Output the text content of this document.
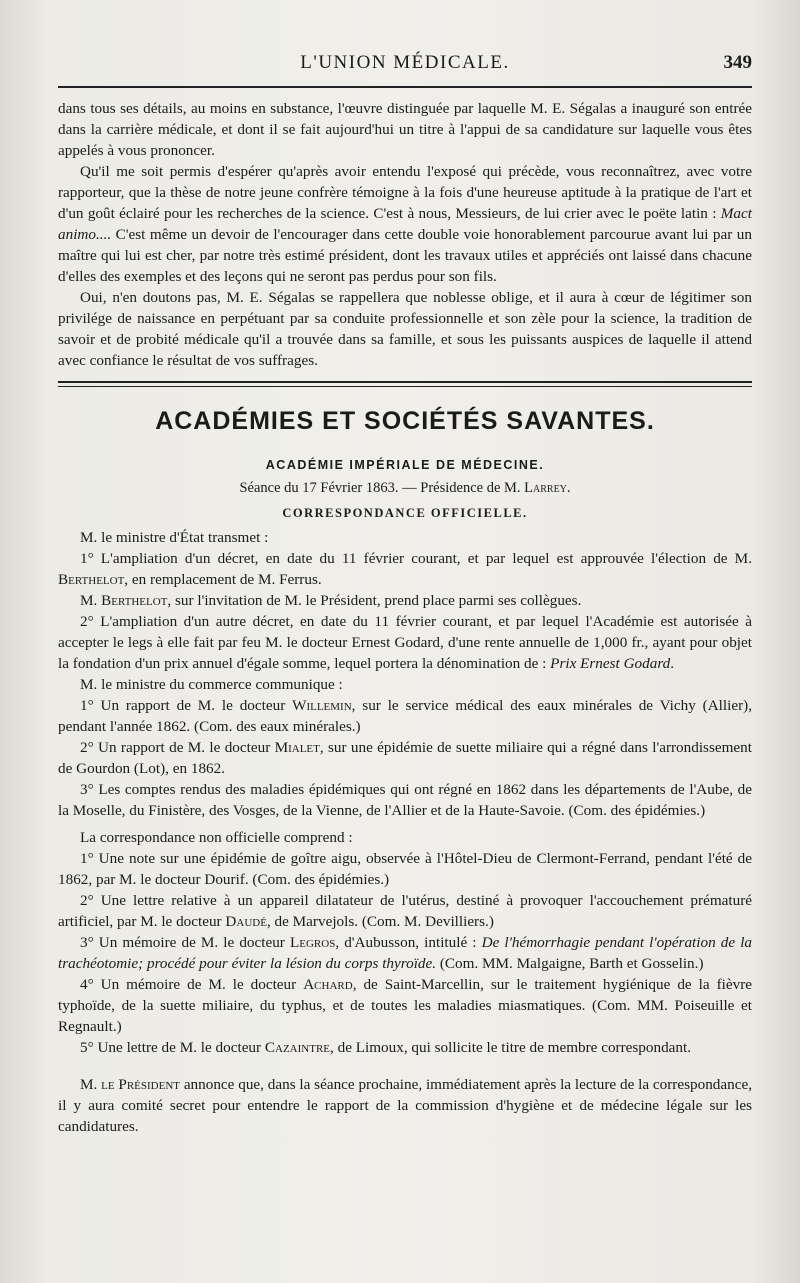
L'UNION MÉDICALE.	349

dans tous ses détails, au moins en substance, l'œuvre distinguée par laquelle M. E. Ségalas a inauguré son entrée dans la carrière médicale, et dont il se fait aujourd'hui un titre à l'appui de sa candidature sur laquelle vous êtes appelés à vous prononcer.

Qu'il me soit permis d'espérer qu'après avoir entendu l'exposé qui précède, vous reconnaîtrez, avec votre rapporteur, que la thèse de notre jeune confrère témoigne à la fois d'une heureuse aptitude à la pratique de l'art et d'un goût éclairé pour les recherches de la science. C'est à nous, Messieurs, de lui crier avec le poëte latin : Mact animo.... C'est même un devoir de l'encourager dans cette double voie honorablement parcourue avant lui par un maître qui lui est cher, par notre très estimé président, dont les travaux utiles et appréciés ont laissé dans chacune d'elles des exemples et des leçons qui ne seront pas perdus pour son fils.

Oui, n'en doutons pas, M. E. Ségalas se rappellera que noblesse oblige, et il aura à cœur de légitimer son privilége de naissance en perpétuant par sa conduite professionnelle et son zèle pour la science, la tradition de savoir et de probité médicale qu'il a trouvée dans sa famille, et sous les puissants auspices de laquelle il attend avec confiance le résultat de vos suffrages.

ACADÉMIES ET SOCIÉTÉS SAVANTES.
ACADÉMIE IMPÉRIALE DE MÉDECINE.
Séance du 17 Février 1863. — Présidence de M. Larrey.
CORRESPONDANCE OFFICIELLE.

M. le ministre d'État transmet :

1° L'ampliation d'un décret, en date du 11 février courant, et par lequel est approuvée l'élection de M. Berthelot, en remplacement de M. Ferrus.

M. Berthelot, sur l'invitation de M. le Président, prend place parmi ses collègues.

2° L'ampliation d'un autre décret, en date du 11 février courant, et par lequel l'Académie est autorisée à accepter le legs à elle fait par feu M. le docteur Ernest Godard, d'une rente annuelle de 1,000 fr., ayant pour objet la fondation d'un prix annuel d'égale somme, lequel portera la dénomination de : Prix Ernest Godard.

M. le ministre du commerce communique :

1° Un rapport de M. le docteur Willemin, sur le service médical des eaux minérales de Vichy (Allier), pendant l'année 1862. (Com. des eaux minérales.)

2° Un rapport de M. le docteur Mialet, sur une épidémie de suette miliaire qui a régné dans l'arrondissement de Gourdon (Lot), en 1862.

3° Les comptes rendus des maladies épidémiques qui ont régné en 1862 dans les départements de l'Aube, de la Moselle, du Finistère, des Vosges, de la Vienne, de l'Allier et de la Haute-Savoie. (Com. des épidémies.)

La correspondance non officielle comprend :

1° Une note sur une épidémie de goître aigu, observée à l'Hôtel-Dieu de Clermont-Ferrand, pendant l'été de 1862, par M. le docteur Dourif. (Com. des épidémies.)

2° Une lettre relative à un appareil dilatateur de l'utérus, destiné à provoquer l'accouchement prématuré artificiel, par M. le docteur Daudé, de Marvejols. (Com. M. Devilliers.)

3° Un mémoire de M. le docteur Legros, d'Aubusson, intitulé : De l'hémorrhagie pendant l'opération de la trachéotomie; procédé pour éviter la lésion du corps thyroïde. (Com. MM. Malgaigne, Barth et Gosselin.)

4° Un mémoire de M. le docteur Achard, de Saint-Marcellin, sur le traitement hygiénique de la fièvre typhoïde, de la suette miliaire, du typhus, et de toutes les maladies miasmatiques. (Com. MM. Poiseuille et Regnault.)

5° Une lettre de M. le docteur Cazaintre, de Limoux, qui sollicite le titre de membre correspondant.

M. le Président annonce que, dans la séance prochaine, immédiatement après la lecture de la correspondance, il y aura comité secret pour entendre le rapport de la commission d'hygiène et de médecine légale sur les candidatures.
